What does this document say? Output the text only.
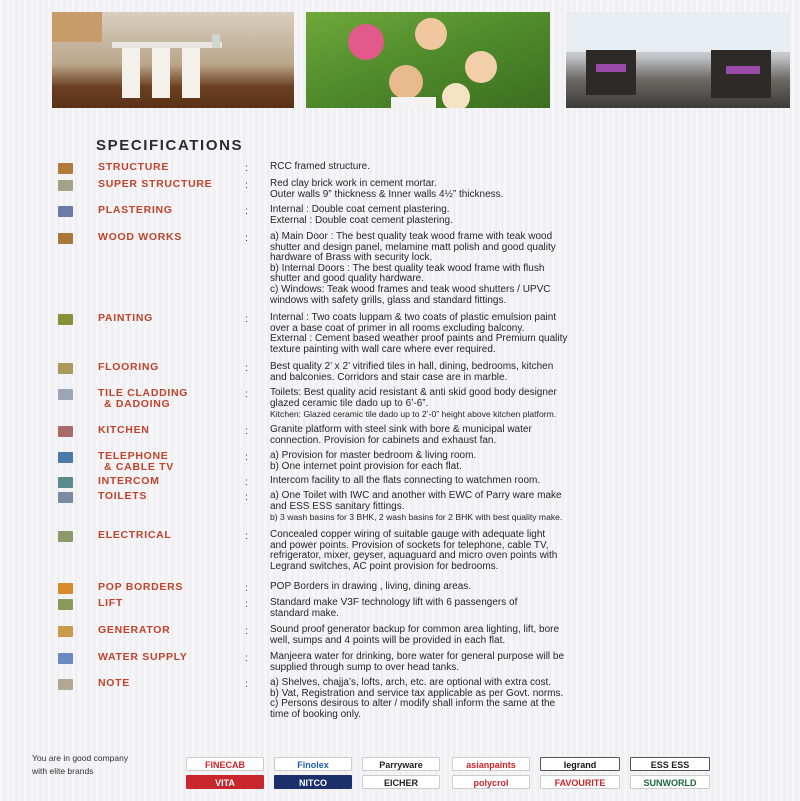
SPECIFICATIONS
STRUCTURE	: RCC framed structure.
SUPER STRUCTURE	: Red clay brick work in cement mortar.
Outer walls 9” thickness & Inner walls 4½” thickness.
PLASTERING	: Internal : Double coat cement plastering.
External : Double coat cement plastering.
WOOD WORKS	: a) Main Door : The best quality teak wood frame with teak wood
shutter and design panel, melamine matt polish and good quality
hardware of Brass with security lock.
b) Internal Doors : The best quality teak wood frame with flush
shutter and good quality hardware.
c) Windows: Teak wood frames and teak wood shutters / UPVC
windows with safety grills, glass and standard fittings.
PAINTING	: Internal : Two coats luppam & two coats of plastic emulsion paint
over a base coat of primer in all rooms excluding balcony.
External : Cement based weather proof paints and Premium quality
texture painting with wall care where ever required.
FLOORING	: Best quality 2’ x 2’ vitrified tiles in hall, dining, bedrooms, kitchen
and balconies. Corridors and stair case are in marble.
TILE CLADDING
& DADOING
: Toilets: Best quality acid resistant & anti skid good body designer
glazed ceramic tile dado up to 6’-6”.
Kitchen: Glazed ceramic tile dado up to 2’-0” height above kitchen platform.
KITCHEN	: Granite platform with steel sink with bore & municipal water
connection. Provision for cabinets and exhaust fan.
TELEPHONE
& CABLE TV
: a) Provision for master bedroom & living room.
b) One internet point provision for each flat.
INTERCOM	: Intercom facility to all the flats connecting to watchmen room.
TOILETS	: a) One Toilet with IWC and another with EWC of Parry ware make
and ESS ESS sanitary fittings.
b) 3 wash basins for 3 BHK, 2 wash basins for 2 BHK with best quality make.
ELECTRICAL	: Concealed copper wiring of suitable gauge with adequate light
and power points. Provision of sockets for telephone, cable TV,
refrigerator, mixer, geyser, aquaguard and micro oven points with
Legrand switches, AC point provision for bedrooms.
POP BORDERS	: POP Borders in drawing , living, dining areas.
LIFT	: Standard make V3F technology lift with 6 passengers of
standard make.
GENERATOR	: Sound proof generator backup for common area lighting, lift, bore
well, sumps and 4 points will be provided in each flat.
WATER SUPPLY	: Manjeera water for drinking, bore water for general purpose will be
supplied through sump to over head tanks.
NOTE	: a) Shelves, chajja’s, lofts, arch, etc. are optional with extra cost.
b) Vat, Registration and service tax applicable as per Govt. norms.
c) Persons desirous to alter / modify shall inform the same at the
time of booking only.
You are in good company
with elite brands
FINECAB	Finolex	Parryware	asianpaints	legrand	ESS ESS
VITA	NITCO	EICHER	polycrol	FAVOURITE	SUNWORLD
